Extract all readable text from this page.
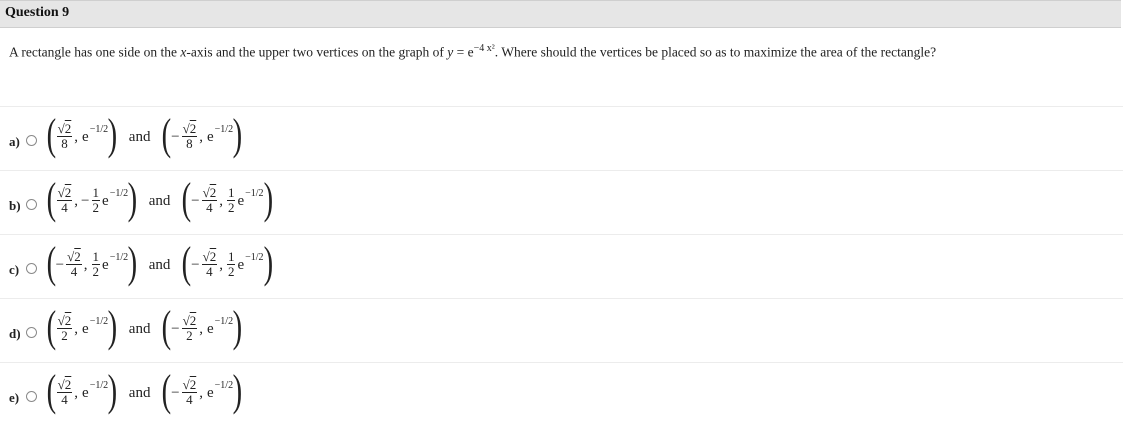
Question 9
A rectangle has one side on the x-axis and the upper two vertices on the graph of $y = e^{-4 x^2}$. Where should the vertices be placed so as to maximize the area of the rectangle?
a) ( $\frac{√2}{8}$ , e −1/2 ) and ( − $\frac{√2}{8}$ , e −1/2 )
b) ( $\frac{√2}{4}$ , − $\frac{1}{2}$ e −1/2 ) and ( − $\frac{√2}{4}$ , $\frac{1}{2}$ e −1/2 )
c) ( − $\frac{√2}{4}$ , $\frac{1}{2}$ e −1/2 ) and ( − $\frac{√2}{4}$ , $\frac{1}{2}$ e −1/2 )
d) ( $\frac{√2}{2}$ , e −1/2 ) and ( − $\frac{√2}{2}$ , e −1/2 )
e) ( $\frac{√2}{4}$ , e −1/2 ) and ( − $\frac{√2}{4}$ , e −1/2 )
